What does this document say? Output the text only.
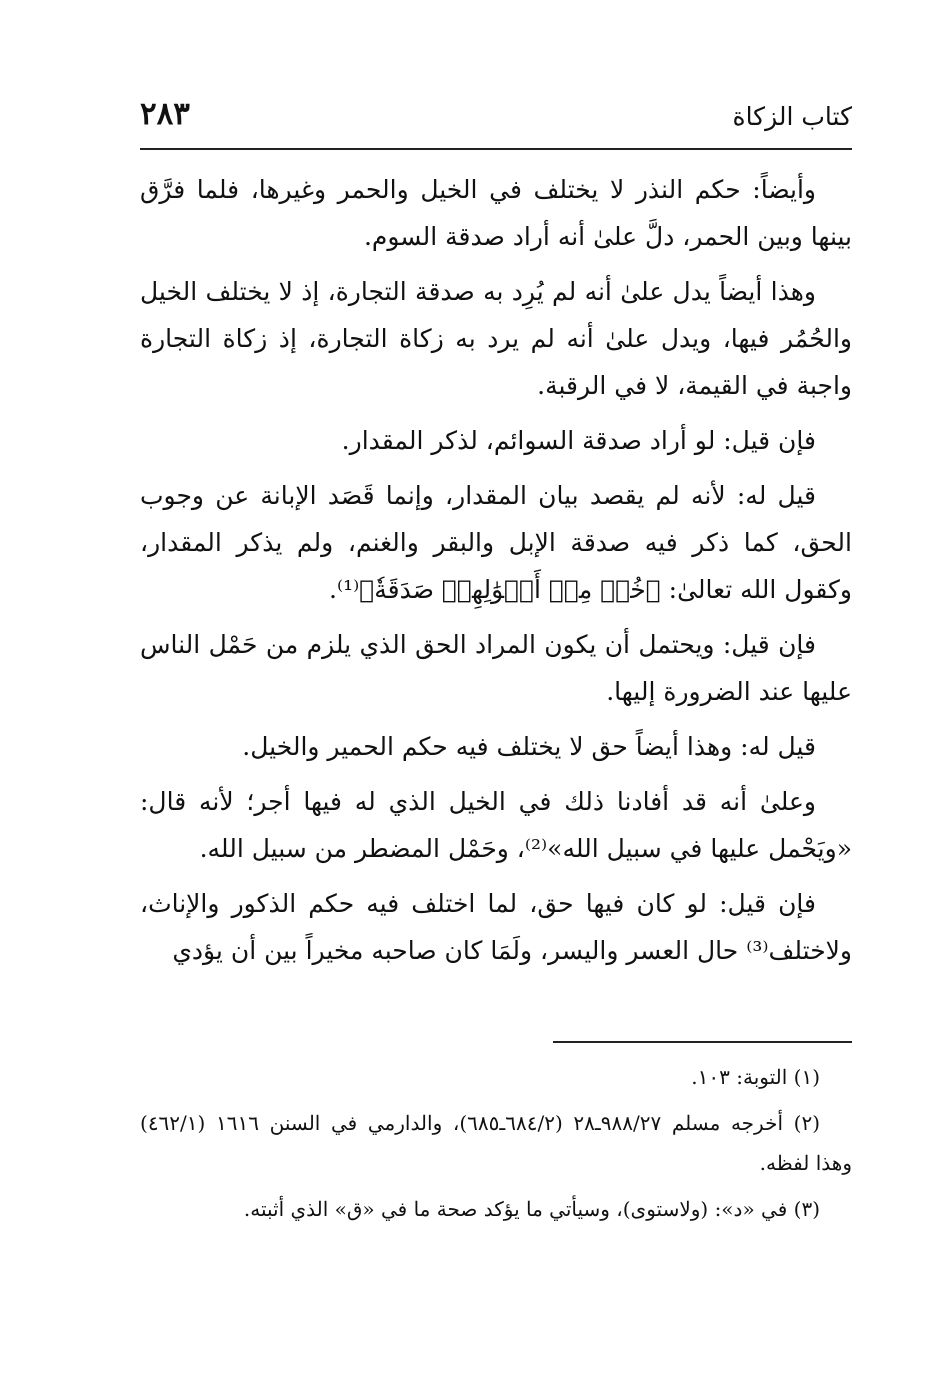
كتاب الزكاة
٢٨٣

وأيضاً: حكم النذر لا يختلف في الخيل والحمر وغيرها، فلما فرَّق بينها وبين الحمر، دلَّ علىٰ أنه أراد صدقة السوم.

وهذا أيضاً يدل علىٰ أنه لم يُرِد به صدقة التجارة، إذ لا يختلف الخيل والحُمُر فيها، ويدل علىٰ أنه لم يرد به زكاة التجارة، إذ زكاة التجارة واجبة في القيمة، لا في الرقبة.

فإن قيل: لو أراد صدقة السوائم، لذكر المقدار.

قيل له: لأنه لم يقصد بيان المقدار، وإنما قَصَد الإبانة عن وجوب الحق، كما ذكر فيه صدقة الإبل والبقر والغنم، ولم يذكر المقدار، وكقول الله تعالىٰ: ﴿خُذۡ مِنۡ أَمۡوَٰلِهِمۡ صَدَقَةٗ﴾⁽¹⁾.

فإن قيل: ويحتمل أن يكون المراد الحق الذي يلزم من حَمْل الناس عليها عند الضرورة إليها.

قيل له: وهذا أيضاً حق لا يختلف فيه حكم الحمير والخيل.

وعلىٰ أنه قد أفادنا ذلك في الخيل الذي له فيها أجر؛ لأنه قال: «ويَحْمل عليها في سبيل الله»⁽²⁾، وحَمْل المضطر من سبيل الله.

فإن قيل: لو كان فيها حق، لما اختلف فيه حكم الذكور والإناث، ولاختلف⁽³⁾ حال العسر واليسر، ولَمَا كان صاحبه مخيراً بين أن يؤدي

(١) التوبة: ١٠٣.

(٢) أخرجه مسلم ٩٨٨/٢٧ـ٢٨ (٦٨٤/٢ـ٦٨٥)، والدارمي في السنن ١٦١٦ (٤٦٢/١) وهذا لفظه.

(٣) في «د»: (ولاستوى)، وسيأتي ما يؤكد صحة ما في «ق» الذي أثبته.
